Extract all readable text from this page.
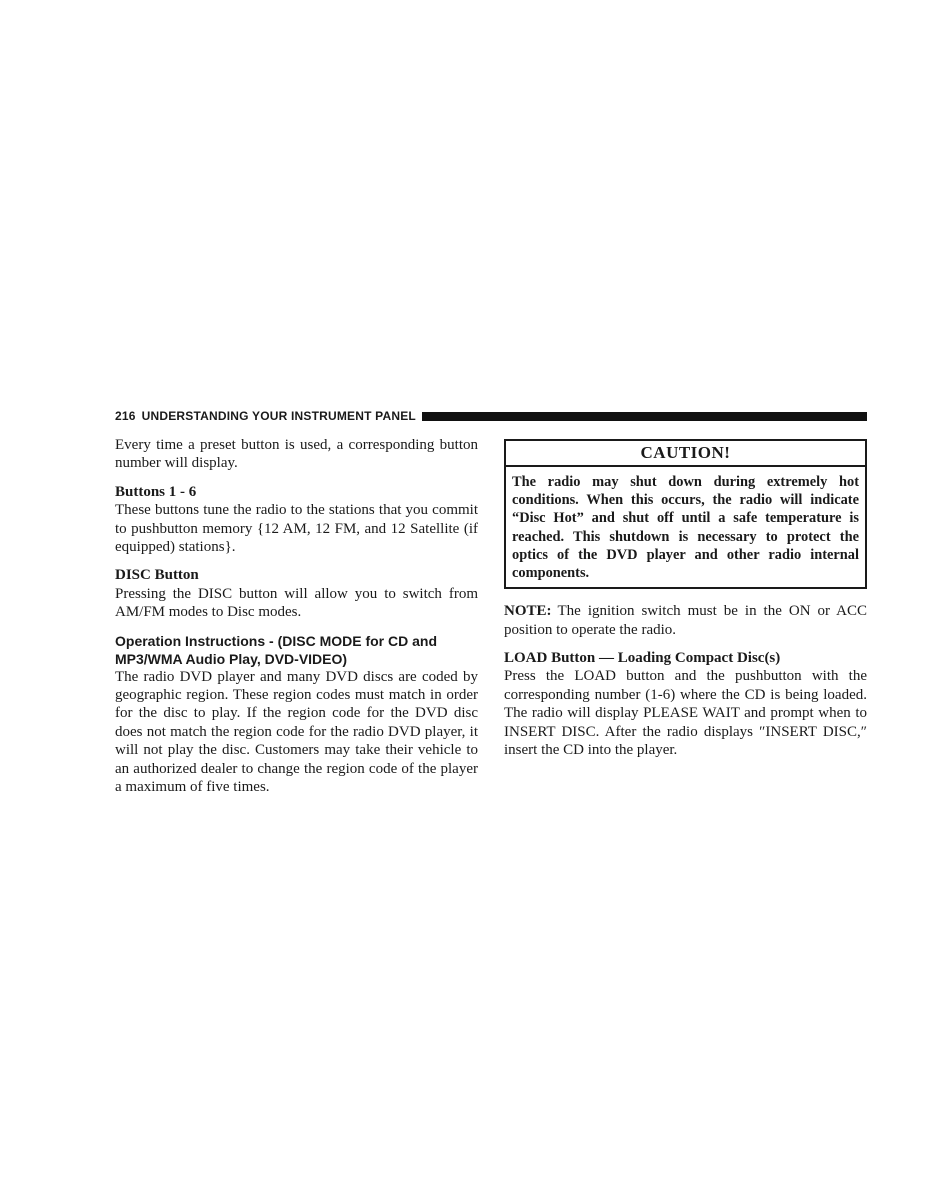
216 UNDERSTANDING YOUR INSTRUMENT PANEL

Every time a preset button is used, a corresponding button number will display.

Buttons 1 - 6

These buttons tune the radio to the stations that you commit to pushbutton memory {12 AM, 12 FM, and 12 Satellite (if equipped) stations}.

DISC Button

Pressing the DISC button will allow you to switch from AM/FM modes to Disc modes.

Operation Instructions - (DISC MODE for CD and MP3/WMA Audio Play, DVD-VIDEO)

The radio DVD player and many DVD discs are coded by geographic region. These region codes must match in order for the disc to play. If the region code for the DVD disc does not match the region code for the radio DVD player, it will not play the disc. Customers may take their vehicle to an authorized dealer to change the region code of the player a maximum of five times.

CAUTION!
The radio may shut down during extremely hot conditions. When this occurs, the radio will indicate “Disc Hot” and shut off until a safe temperature is reached. This shutdown is necessary to protect the optics of the DVD player and other radio internal components.

NOTE: The ignition switch must be in the ON or ACC position to operate the radio.

LOAD Button — Loading Compact Disc(s)

Press the LOAD button and the pushbutton with the corresponding number (1-6) where the CD is being loaded. The radio will display PLEASE WAIT and prompt when to INSERT DISC. After the radio displays ″INSERT DISC,″ insert the CD into the player.
